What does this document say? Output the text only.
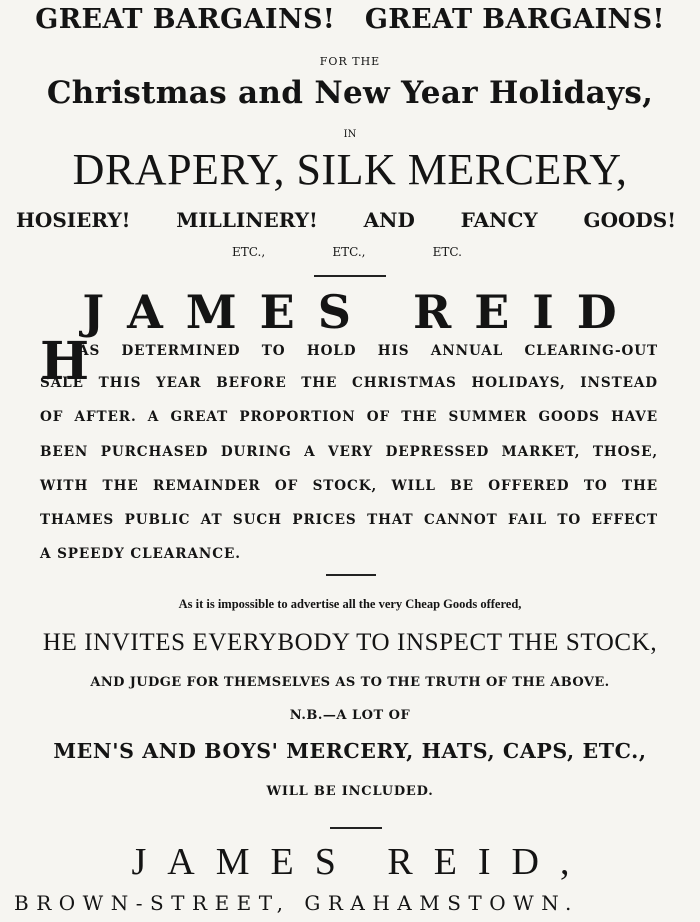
GREAT BARGAINS! GREAT BARGAINS!
FOR THE
Christmas and New Year Holidays,
IN
DRAPERY, SILK MERCERY,
HOSIERY! MILLINERY! AND FANCY GOODS!
ETC.,	ETC.,	ETC.
JAMES REID
H
AS DETERMINED TO HOLD HIS ANNUAL CLEARING-OUT
SALE THIS YEAR BEFORE THE CHRISTMAS HOLIDAYS, INSTEAD
OF AFTER. A GREAT PROPORTION OF THE SUMMER GOODS HAVE
BEEN PURCHASED DURING A VERY DEPRESSED MARKET, THOSE,
WITH THE REMAINDER OF STOCK, WILL BE OFFERED TO THE
THAMES PUBLIC AT SUCH PRICES THAT CANNOT FAIL TO EFFECT
A SPEEDY CLEARANCE.
As it is impossible to advertise all the very Cheap Goods offered,
HE INVITES EVERYBODY TO INSPECT THE STOCK,
AND JUDGE FOR THEMSELVES AS TO THE TRUTH OF THE ABOVE.
N.B.—A LOT OF
MEN'S AND BOYS' MERCERY, HATS, CAPS, ETC.,
WILL BE INCLUDED.
JAMES REID,
BROWN-STREET, GRAHAMSTOWN.
